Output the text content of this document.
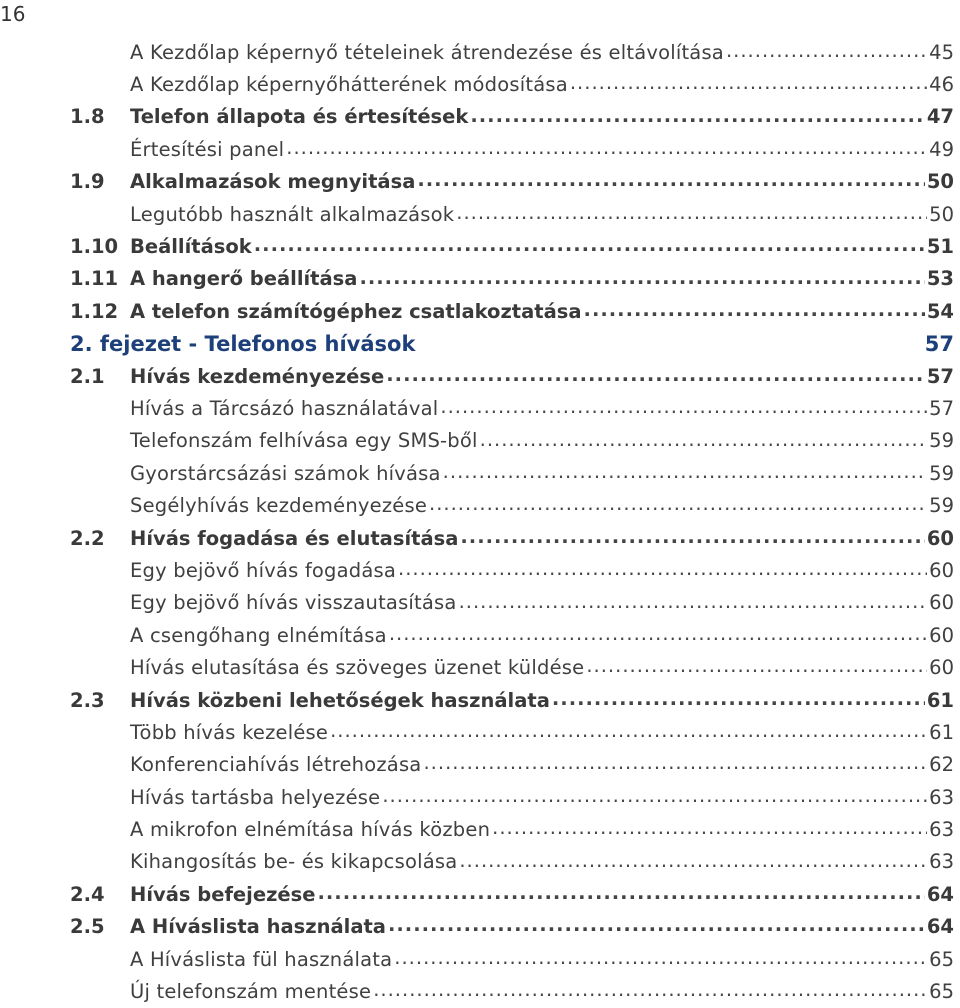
16
A Kezdőlap képernyő tételeinek átrendezése és eltávolítása .....	45
A Kezdőlap képernyőhátterének módosítása .....	46
1.8	Telefon állapota és értesítések .....	47
Értesítési panel .....	49
1.9	Alkalmazások megnyitása .....	50
Legutóbb használt alkalmazások .....	50
1.10 Beállítások .....	51
1.11 A hangerő beállítása .....	53
1.12 A telefon számítógéphez csatlakoztatása .....	54
2. fejezet - Telefonos hívások	57
2.1	Hívás kezdeményezése .....	57
Hívás a Tárcsázó használatával .....	57
Telefonszám felhívása egy SMS-ből .....	59
Gyorstárcsázási számok hívása .....	59
Segélyhívás kezdeményezése .....	59
2.2	Hívás fogadása és elutasítása .....	60
Egy bejövő hívás fogadása .....	60
Egy bejövő hívás visszautasítása .....	60
A csengőhang elnémítása .....	60
Hívás elutasítása és szöveges üzenet küldése .....	60
2.3	Hívás közbeni lehetőségek használata .....	61
Több hívás kezelése .....	61
Konferenciahívás létrehozása .....	62
Hívás tartásba helyezése .....	63
A mikrofon elnémítása hívás közben .....	63
Kihangosítás be- és kikapcsolása .....	63
2.4	Hívás befejezése .....	64
2.5	A Híváslista használata .....	64
A Híváslista fül használata .....	65
Új telefonszám mentése .....	65
